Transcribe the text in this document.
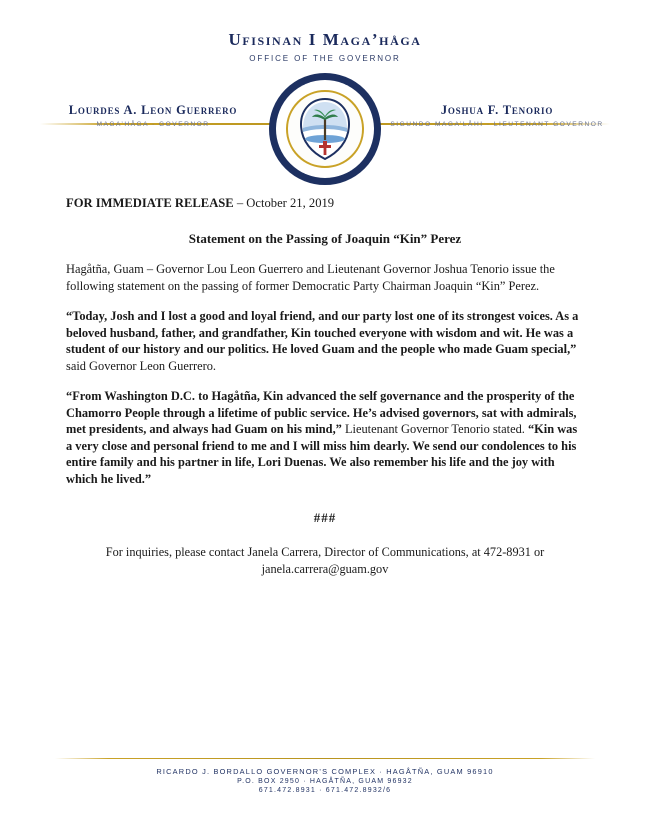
Ufisinan I Maga’håga
OFFICE OF THE GOVERNOR
Lourdes A. Leon Guerrero
MAGA’HÅGA · GOVERNOR
Joshua F. Tenorio
SIGUNDO MAGA’LÅHI · LIEUTENANT GOVERNOR
GOVERNOR’S SEAL
ISLAN GUAHAN
FOR IMMEDIATE RELEASE – October 21, 2019
Statement on the Passing of Joaquin “Kin” Perez

Hagåtña, Guam – Governor Lou Leon Guerrero and Lieutenant Governor Joshua Tenorio issue the following statement on the passing of former Democratic Party Chairman Joaquin “Kin” Perez.

“Today, Josh and I lost a good and loyal friend, and our party lost one of its strongest voices. As a beloved husband, father, and grandfather, Kin touched everyone with wisdom and wit. He was a student of our history and our politics. He loved Guam and the people who made Guam special,” said Governor Leon Guerrero.

“From Washington D.C. to Hagåtña, Kin advanced the self governance and the prosperity of the Chamorro People through a lifetime of public service. He’s advised governors, sat with admirals, met presidents, and always had Guam on his mind,” Lieutenant Governor Tenorio stated. “Kin was a very close and personal friend to me and I will miss him dearly. We send our condolences to his entire family and his partner in life, Lori Duenas. We also remember his life and the joy with which he lived.”

###
For inquiries, please contact Janela Carrera, Director of Communications, at 472-8931 or
janela.carrera@guam.gov
RICARDO J. BORDALLO GOVERNOR’S COMPLEX · HAGÅTÑA, GUAM 96910
P.O. BOX 2950 · HAGÅTÑA, GUAM 96932
671.472.8931 · 671.472.8932/6
